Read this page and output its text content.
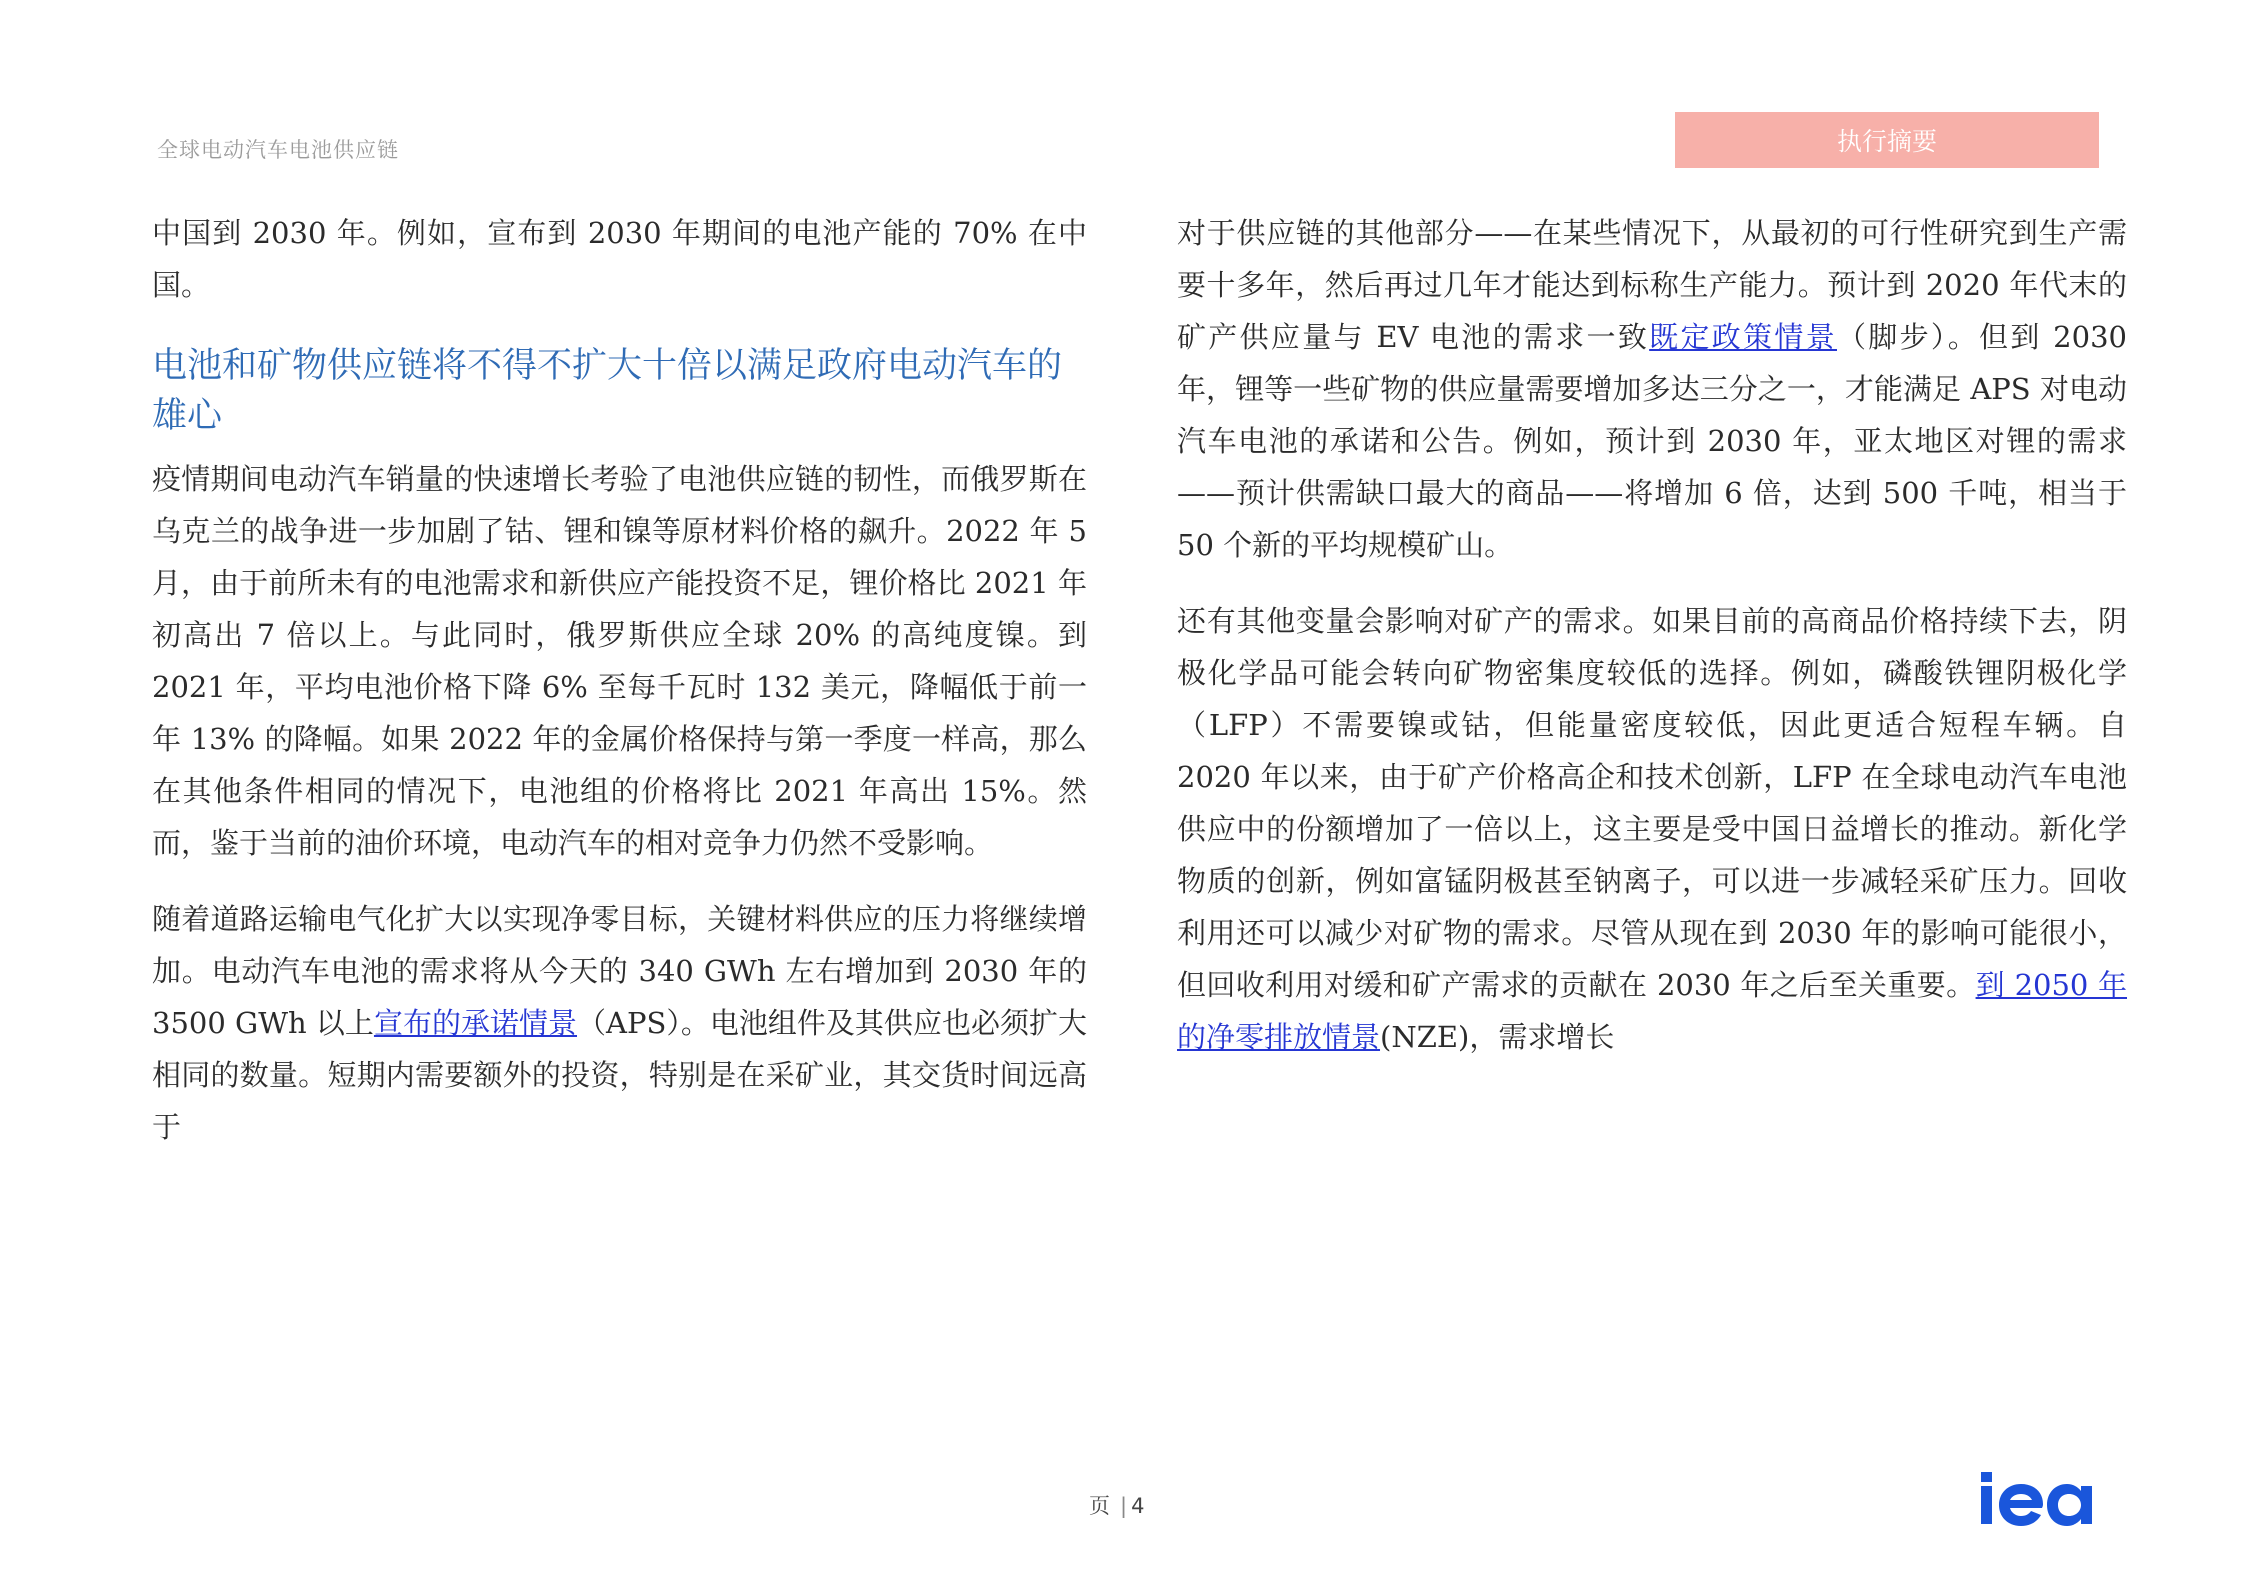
全球电动汽车电池供应链	执行摘要

中国到 2030 年。例如，宣布到 2030 年期间的电池产能的 70% 在中国。

电池和矿物供应链将不得不扩大十倍以满足政府电动汽车的雄心

疫情期间电动汽车销量的快速增长考验了电池供应链的韧性，而俄罗斯在乌克兰的战争进一步加剧了钴、锂和镍等原材料价格的飙升。2022 年 5 月，由于前所未有的电池需求和新供应产能投资不足，锂价格比 2021 年初高出 7 倍以上。与此同时，俄罗斯供应全球 20% 的高纯度镍。到 2021 年，平均电池价格下降 6% 至每千瓦时 132 美元，降幅低于前一年 13% 的降幅。如果 2022 年的金属价格保持与第一季度一样高，那么在其他条件相同的情况下，电池组的价格将比 2021 年高出 15%。然而，鉴于当前的油价环境，电动汽车的相对竞争力仍然不受影响。

随着道路运输电气化扩大以实现净零目标，关键材料供应的压力将继续增加。电动汽车电池的需求将从今天的 340 GWh 左右增加到 2030 年的 3500 GWh 以上宣布的承诺情景（APS）。电池组件及其供应也必须扩大相同的数量。短期内需要额外的投资，特别是在采矿业，其交货时间远高于

对于供应链的其他部分——在某些情况下，从最初的可行性研究到生产需要十多年，然后再过几年才能达到标称生产能力。预计到 2020 年代末的矿产供应量与 EV 电池的需求一致既定政策情景（脚步）。但到 2030 年，锂等一些矿物的供应量需要增加多达三分之一，才能满足 APS 对电动汽车电池的承诺和公告。例如，预计到 2030 年，亚太地区对锂的需求——预计供需缺口最大的商品——将增加 6 倍，达到 500 千吨，相当于 50 个新的平均规模矿山。

还有其他变量会影响对矿产的需求。如果目前的高商品价格持续下去，阴极化学品可能会转向矿物密集度较低的选择。例如，磷酸铁锂阴极化学（LFP）不需要镍或钴，但能量密度较低，因此更适合短程车辆。自 2020 年以来，由于矿产价格高企和技术创新，LFP 在全球电动汽车电池供应中的份额增加了一倍以上，这主要是受中国日益增长的推动。新化学物质的创新，例如富锰阴极甚至钠离子，可以进一步减轻采矿压力。回收利用还可以减少对矿物的需求。尽管从现在到 2030 年的影响可能很小，但回收利用对缓和矿产需求的贡献在 2030 年之后至关重要。到 2050 年的净零排放情景(NZE)，需求增长

页 | 4
